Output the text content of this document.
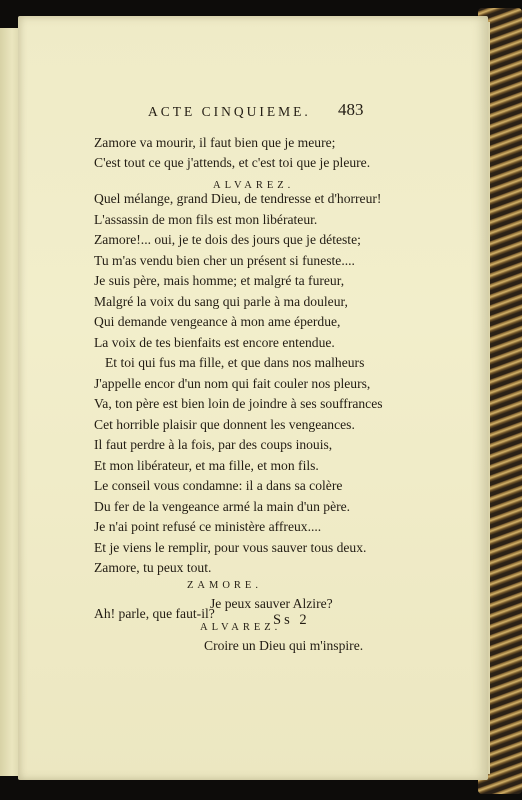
ACTE CINQUIEME.	483
Zamore va mourir, il faut bien que je meure;
C'est tout ce que j'attends, et c'est toi que je pleure.
ALVAREZ.
Quel mélange, grand Dieu, de tendresse et d'horreur!
L'assassin de mon fils est mon libérateur.
Zamore!... oui, je te dois des jours que je déteste;
Tu m'as vendu bien cher un présent si funeste....
Je suis père, mais homme; et malgré ta fureur,
Malgré la voix du sang qui parle à ma douleur,
Qui demande vengeance à mon ame éperdue,
La voix de tes bienfaits est encore entendue.
Et toi qui fus ma fille, et que dans nos malheurs
J'appelle encor d'un nom qui fait couler nos pleurs,
Va, ton père est bien loin de joindre à ses souffrances
Cet horrible plaisir que donnent les vengeances.
Il faut perdre à la fois, par des coups inouis,
Et mon libérateur, et ma fille, et mon fils.
Le conseil vous condamne: il a dans sa colère
Du fer de la vengeance armé la main d'un père.
Je n'ai point refusé ce ministère affreux....
Et je viens le remplir, pour vous sauver tous deux.
Zamore, tu peux tout.
ZAMORE.
Je peux sauver Alzire?
Ah! parle, que faut-il?
ALVAREZ.
Croire un Dieu qui m'inspire.
Ss 2
